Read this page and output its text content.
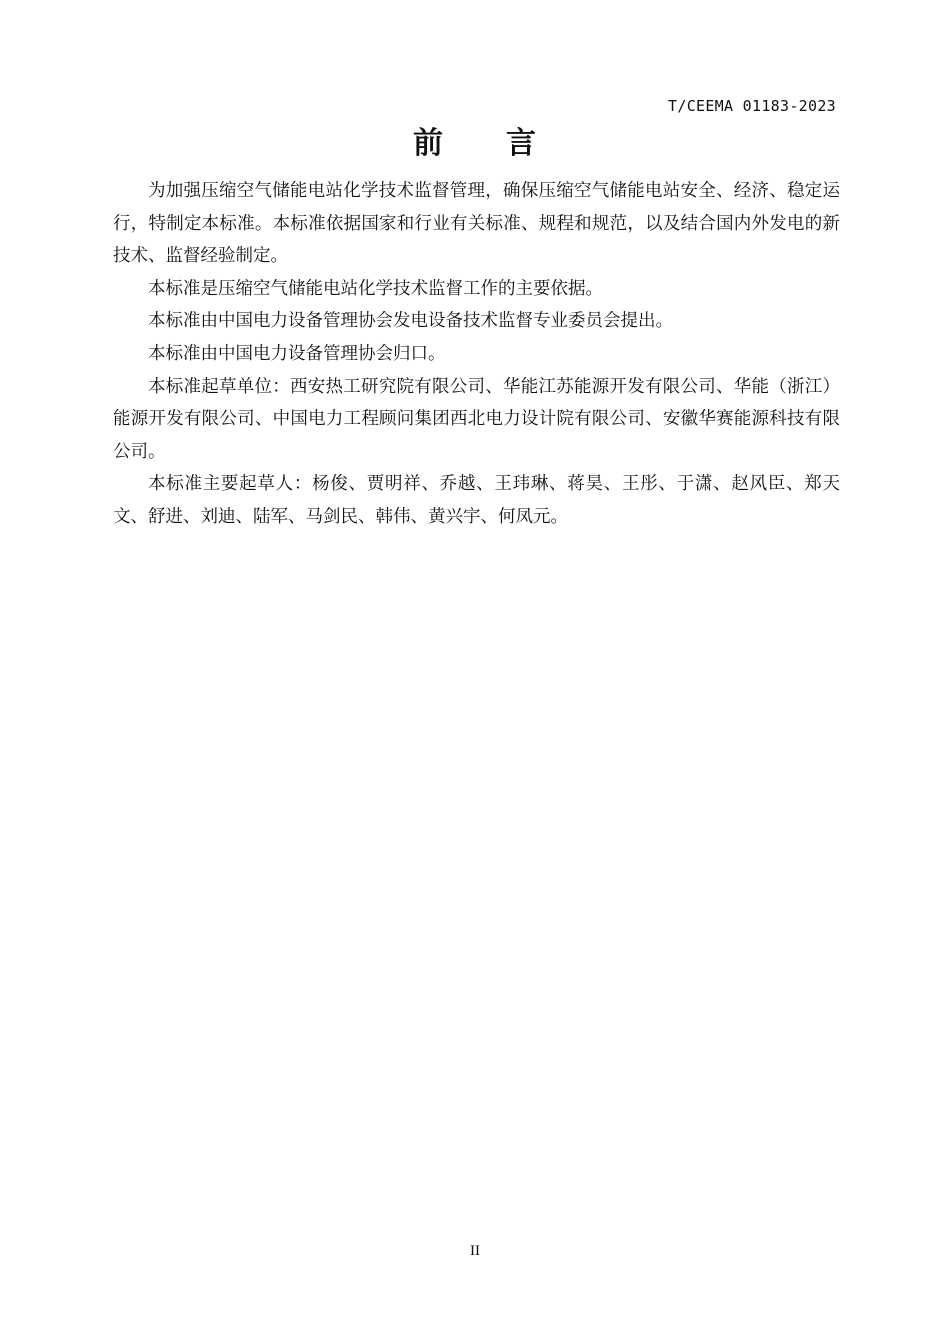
T/CEEMA 01183-2023
前　　言

为加强压缩空气储能电站化学技术监督管理，确保压缩空气储能电站安全、经济、稳定运行，特制定本标准。本标准依据国家和行业有关标准、规程和规范，以及结合国内外发电的新技术、监督经验制定。

本标准是压缩空气储能电站化学技术监督工作的主要依据。

本标准由中国电力设备管理协会发电设备技术监督专业委员会提出。

本标准由中国电力设备管理协会归口。

本标准起草单位：西安热工研究院有限公司、华能江苏能源开发有限公司、华能（浙江）能源开发有限公司、中国电力工程顾问集团西北电力设计院有限公司、安徽华赛能源科技有限公司。

本标准主要起草人：杨俊、贾明祥、乔越、王玮琳、蒋昊、王彤、于潇、赵风臣、郑天文、舒进、刘迪、陆军、马剑民、韩伟、黄兴宇、何凤元。

II
